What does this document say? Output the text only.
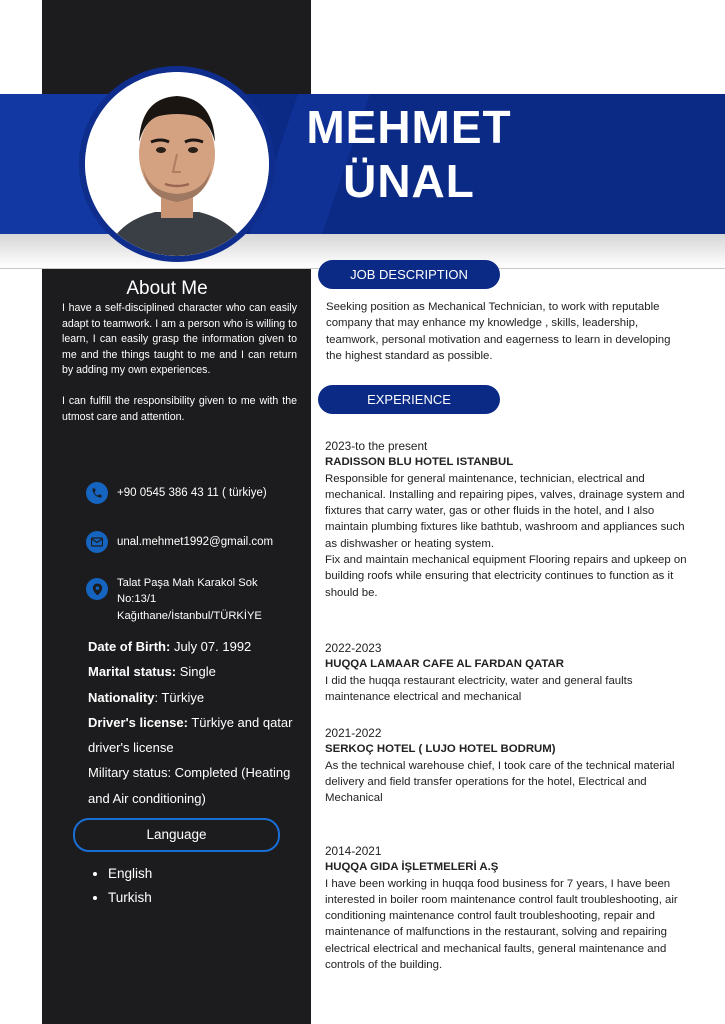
MEHMET
ÜNAL
About Me

I have a self-disciplined character who can easily adapt to teamwork. I am a person who is willing to learn, I can easily grasp the information given to me and the things taught to me and I can return by adding my own experiences.

I can fulfill the responsibility given to me with the utmost care and attention.

+90 0545 386 43 11 ( türkiye)
unal.mehmet1992@gmail.com
Talat Paşa Mah Karakol Sok
No:13/1
Kağıthane/İstanbul/TÜRKİYE
Date of Birth: July 07. 1992
Marital status: Single
Nationality: Türkiye
Driver's license: Türkiye and qatar driver's license
Military status: Completed (Heating and Air conditioning)
Language
• English
• Turkish
JOB DESCRIPTION
Seeking position as Mechanical Technician, to work with reputable company that may enhance my knowledge , skills, leadership, teamwork, personal motivation and eagerness to learn in developing the highest standard as possible.
EXPERIENCE
2023-to the present
RADISSON BLU HOTEL ISTANBUL

Responsible for general maintenance, technician, electrical and mechanical. Installing and repairing pipes, valves, drainage system and fixtures that carry water, gas or other fluids in the hotel, and I also maintain plumbing fixtures like bathtub, washroom and appliances such as dishwasher or heating system.

Fix and maintain mechanical equipment Flooring repairs and upkeep on building roofs while ensuring that electricity continues to function as it should be.

2022-2023
HUQQA LAMAAR CAFE AL FARDAN QATAR

I did the huqqa restaurant electricity, water and general faults maintenance electrical and mechanical

2021-2022
SERKOÇ HOTEL ( LUJO HOTEL BODRUM)

As the technical warehouse chief, I took care of the technical material delivery and field transfer operations for the hotel, Electrical and Mechanical

2014-2021
HUQQA GIDA İŞLETMELERİ A.Ş

I have been working in huqqa food business for 7 years, I have been interested in boiler room maintenance control fault troubleshooting, air conditioning maintenance control fault troubleshooting, repair and maintenance of malfunctions in the restaurant, solving and repairing electrical electrical and mechanical faults, general maintenance and controls of the building.
